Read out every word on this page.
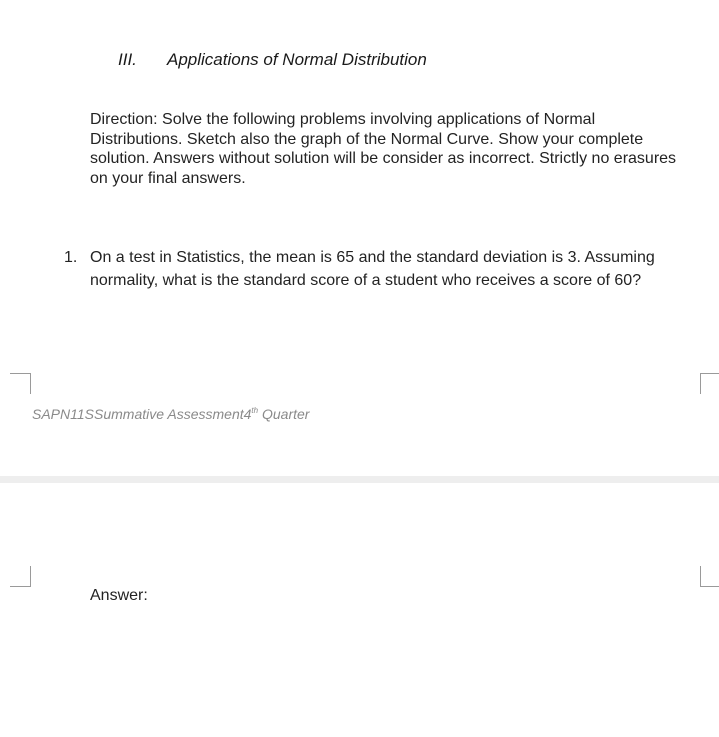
III. Applications of Normal Distribution
Direction: Solve the following problems involving applications of Normal Distributions. Sketch also the graph of the Normal Curve. Show your complete solution. Answers without solution will be consider as incorrect. Strictly no erasures on your final answers.
1. On a test in Statistics, the mean is 65 and the standard deviation is 3. Assuming normality, what is the standard score of a student who receives a score of 60?
SAPN11SSummative Assessment4th Quarter
Answer:
